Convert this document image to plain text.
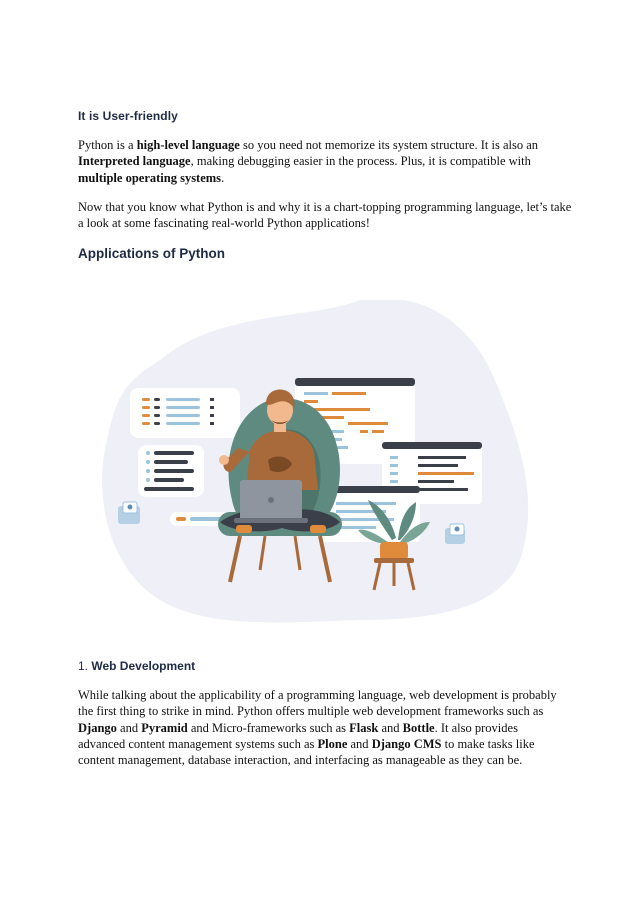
It is User-friendly
Python is a high-level language so you need not memorize its system structure. It is also an Interpreted language, making debugging easier in the process. Plus, it is compatible with multiple operating systems.
Now that you know what Python is and why it is a chart-topping programming language, let’s take a look at some fascinating real-world Python applications!
Applications of Python
1. Web Development
While talking about the applicability of a programming language, web development is probably the first thing to strike in mind. Python offers multiple web development frameworks such as Django and Pyramid and Micro-frameworks such as Flask and Bottle. It also provides advanced content management systems such as Plone and Django CMS to make tasks like content management, database interaction, and interfacing as manageable as they can be.
